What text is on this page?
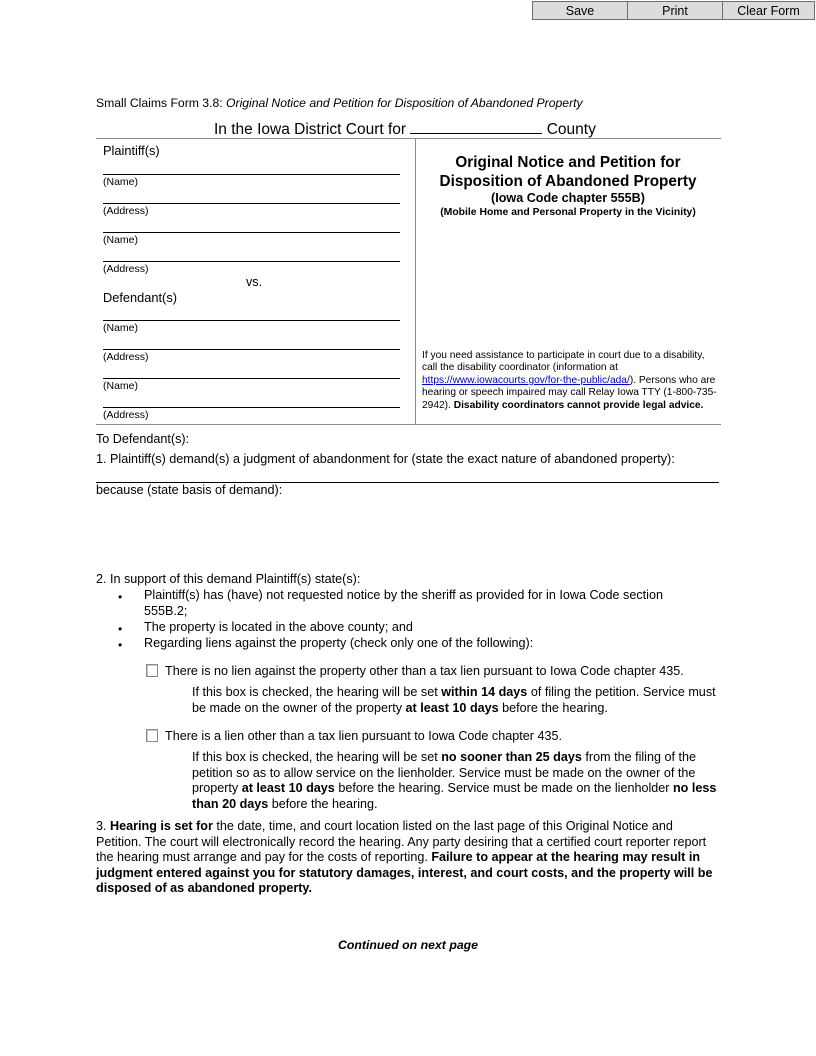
Save	Print	Clear Form
Small Claims Form 3.8: Original Notice and Petition for Disposition of Abandoned Property
In the Iowa District Court for	County
Plaintiff(s)
(Name)
(Address)
(Name)
(Address)
vs.
Defendant(s)
(Name)
(Address)
(Name)
(Address)
Original Notice and Petition for
Disposition of Abandoned Property
(Iowa Code chapter 555B)
(Mobile Home and Personal Property in the Vicinity)
If you need assistance to participate in court due to a disability, call the disability coordinator (information at https://www.iowacourts.gov/for-the-public/ada/). Persons who are hearing or speech impaired may call Relay Iowa TTY (1-800-735-2942). Disability coordinators cannot provide legal advice.
To Defendant(s):
1. Plaintiff(s) demand(s) a judgment of abandonment for (state the exact nature of abandoned property):
because (state basis of demand):
2. In support of this demand Plaintiff(s) state(s):
• Plaintiff(s) has (have) not requested notice by the sheriff as provided for in Iowa Code section 555B.2;
• The property is located in the above county; and
• Regarding liens against the property (check only one of the following):
There is no lien against the property other than a tax lien pursuant to Iowa Code chapter 435.
If this box is checked, the hearing will be set within 14 days of filing the petition. Service must be made on the owner of the property at least 10 days before the hearing.
There is a lien other than a tax lien pursuant to Iowa Code chapter 435.
If this box is checked, the hearing will be set no sooner than 25 days from the filing of the petition so as to allow service on the lienholder. Service must be made on the owner of the property at least 10 days before the hearing. Service must be made on the lienholder no less than 20 days before the hearing.
3. Hearing is set for the date, time, and court location listed on the last page of this Original Notice and Petition. The court will electronically record the hearing. Any party desiring that a certified court reporter report the hearing must arrange and pay for the costs of reporting. Failure to appear at the hearing may result in judgment entered against you for statutory damages, interest, and court costs, and the property will be disposed of as abandoned property.
Continued on next page
